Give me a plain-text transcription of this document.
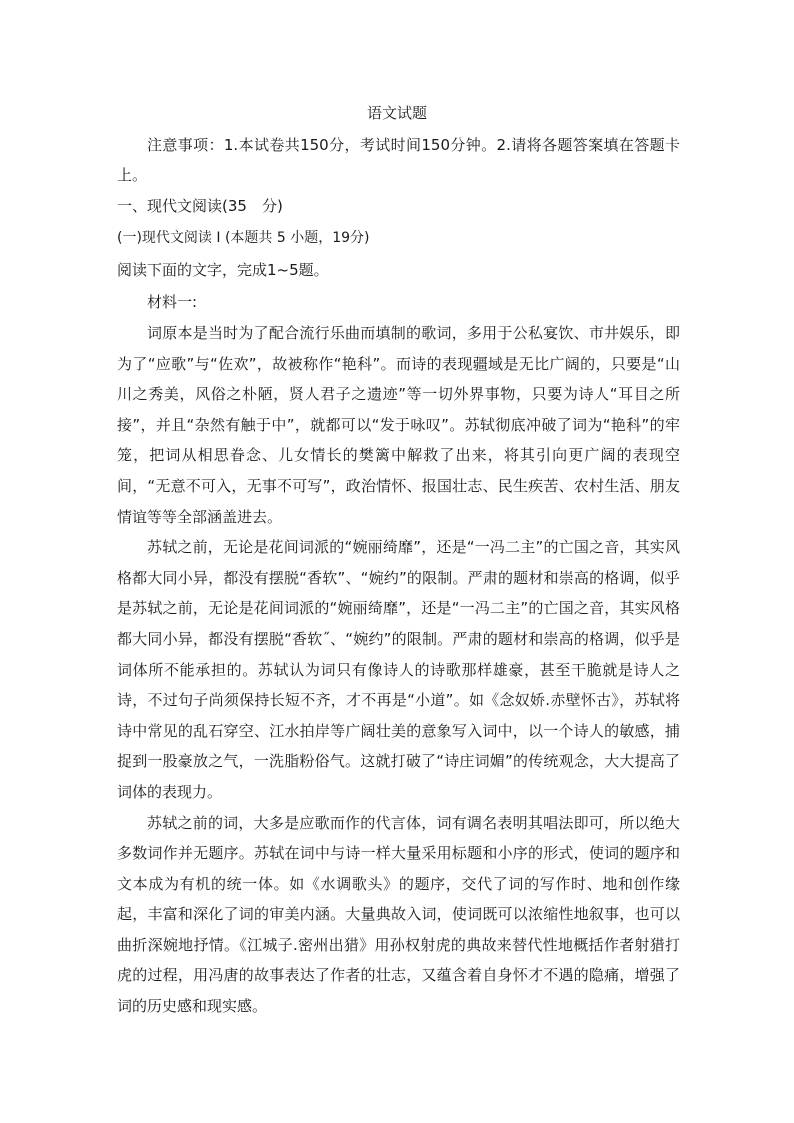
语文试题

注意事项：1.本试卷共150分，考试时间150分钟。2.请将各题答案填在答题卡上。

一、现代文阅读(35　分)

(一)现代文阅读 I (本题共 5 小题，19分)

阅读下面的文字，完成1~5题。

材料一:

词原本是当时为了配合流行乐曲而填制的歌词，多用于公私宴饮、市井娱乐，即为了“应歌”与“佐欢”，故被称作“艳科”。而诗的表现疆域是无比广阔的，只要是“山川之秀美，风俗之朴陋，贤人君子之遗迹”等一切外界事物，只要为诗人“耳目之所接”，并且“杂然有触于中”，就都可以“发于咏叹”。苏轼彻底冲破了词为“艳科”的牢笼，把词从相思眷念、儿女情长的樊篱中解救了出来，将其引向更广阔的表现空间，“无意不可入，无事不可写”，政治情怀、报国壮志、民生疾苦、农村生活、朋友情谊等等全部涵盖进去。

苏轼之前，无论是花间词派的“婉丽绮靡”，还是“一冯二主”的亡国之音，其实风格都大同小异，都没有摆脱“香软”、“婉约”的限制。严肃的题材和崇高的格调，似乎是苏轼之前，无论是花间词派的“婉丽绮靡”，还是“一冯二主”的亡国之音，其实风格都大同小异，都没有摆脱“香软˝、“婉约”的限制。严肃的题材和崇高的格调，似乎是词体所不能承担的。苏轼认为词只有像诗人的诗歌那样雄豪，甚至干脆就是诗人之诗，不过句子尚须保持长短不齐，才不再是“小道”。如《念奴娇.赤壁怀古》，苏轼将诗中常见的乱石穿空、江水拍岸等广阔壮美的意象写入词中，以一个诗人的敏感，捕捉到一股豪放之气，一洗脂粉俗气。这就打破了“诗庄词媚”的传统观念，大大提高了词体的表现力。

苏轼之前的词，大多是应歌而作的代言体，词有调名表明其唱法即可，所以绝大多数词作并无题序。苏轼在词中与诗一样大量采用标题和小序的形式，使词的题序和文本成为有机的统一体。如《水调歌头》的题序，交代了词的写作时、地和创作缘起，丰富和深化了词的审美内涵。大量典故入词，使词既可以浓缩性地叙事，也可以曲折深婉地抒情。《江城子.密州出猎》用孙权射虎的典故来替代性地概括作者射猎打虎的过程，用冯唐的故事表达了作者的壮志，又蕴含着自身怀才不遇的隐痛，增强了词的历史感和现实感。
